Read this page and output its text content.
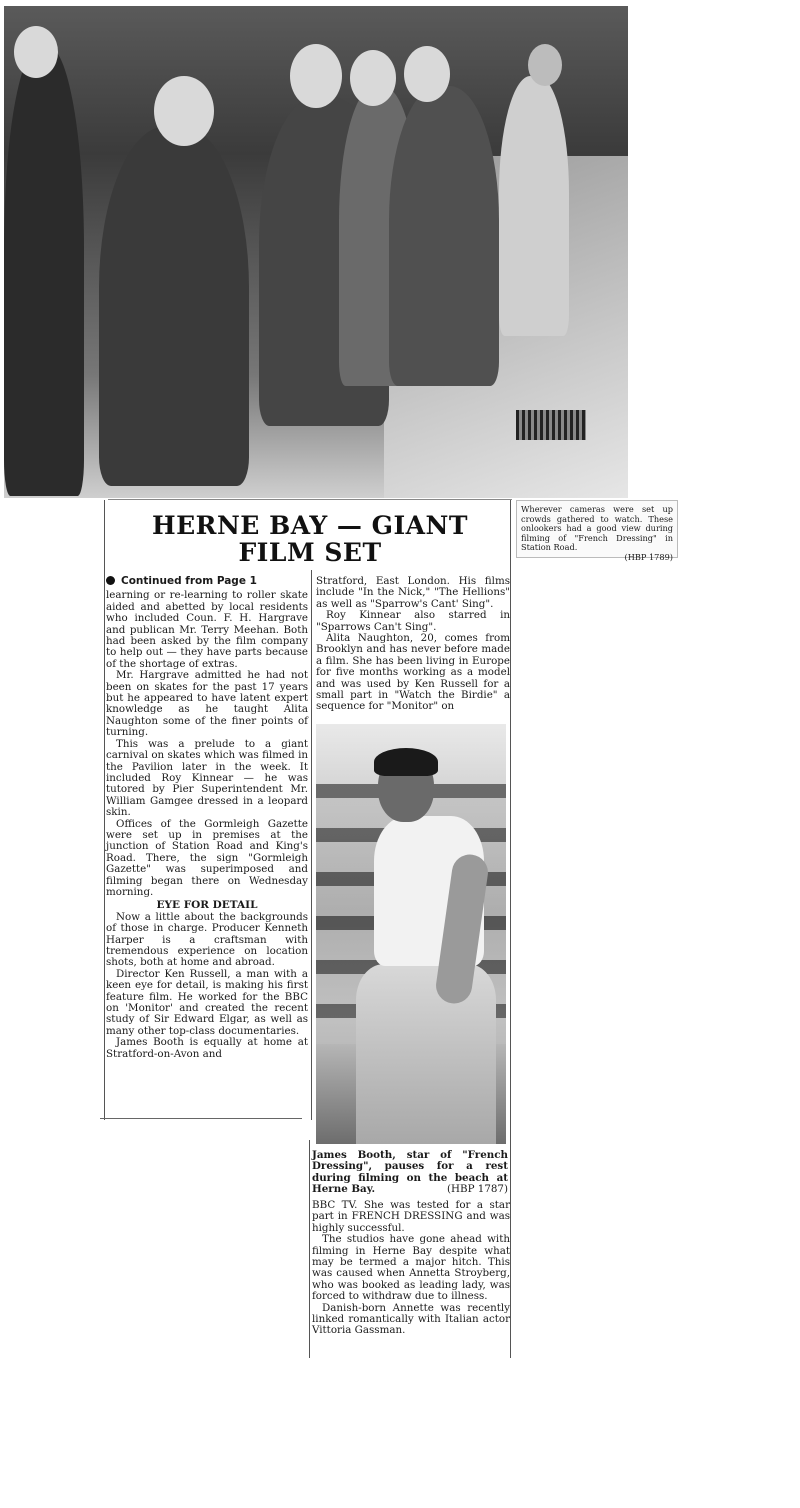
Wherever cameras were set up crowds gathered to watch. These onlookers had a good view during filming of "French Dressing" in Station Road.
(HBP 1789)
HERNE BAY — GIANT FILM SET
Continued from Page 1

learning or re-learning to roller skate aided and abetted by local residents who included Coun. F. H. Hargrave and publican Mr. Terry Meehan. Both had been asked by the film company to help out — they have parts because of the shortage of extras.

Mr. Hargrave admitted he had not been on skates for the past 17 years but he appeared to have latent expert knowledge as he taught Alita Naughton some of the finer points of turning.

This was a prelude to a giant carnival on skates which was filmed in the Pavilion later in the week. It included Roy Kinnear — he was tutored by Pier Superintendent Mr. William Gamgee dressed in a leopard skin.

Offices of the Gormleigh Gazette were set up in premises at the junction of Station Road and King's Road. There, the sign "Gormleigh Gazette" was superimposed and filming began there on Wednesday morning.

EYE FOR DETAIL

Now a little about the backgrounds of those in charge. Producer Kenneth Harper is a craftsman with tremendous experience on location shots, both at home and abroad.

Director Ken Russell, a man with a keen eye for detail, is making his first feature film. He worked for the BBC on 'Monitor' and created the recent study of Sir Edward Elgar, as well as many other top-class documentaries.

James Booth is equally at home at Stratford-on-Avon and

Stratford, East London. His films include "In the Nick," "The Hellions" as well as "Sparrow's Cant' Sing".

Roy Kinnear also starred in "Sparrows Can't Sing".

Alita Naughton, 20, comes from Brooklyn and has never before made a film. She has been living in Europe for five months working as a model and was used by Ken Russell for a small part in "Watch the Birdie" a sequence for "Monitor" on

James Booth, star of "French Dressing", pauses for a rest during filming on the beach at Herne Bay.	(HBP 1787)

BBC TV. She was tested for a star part in FRENCH DRESSING and was highly successful.

The studios have gone ahead with filming in Herne Bay despite what may be termed a major hitch. This was caused when Annetta Stroyberg, who was booked as leading lady, was forced to withdraw due to illness.

Danish-born Annette was recently linked romantically with Italian actor Vittoria Gassman.
